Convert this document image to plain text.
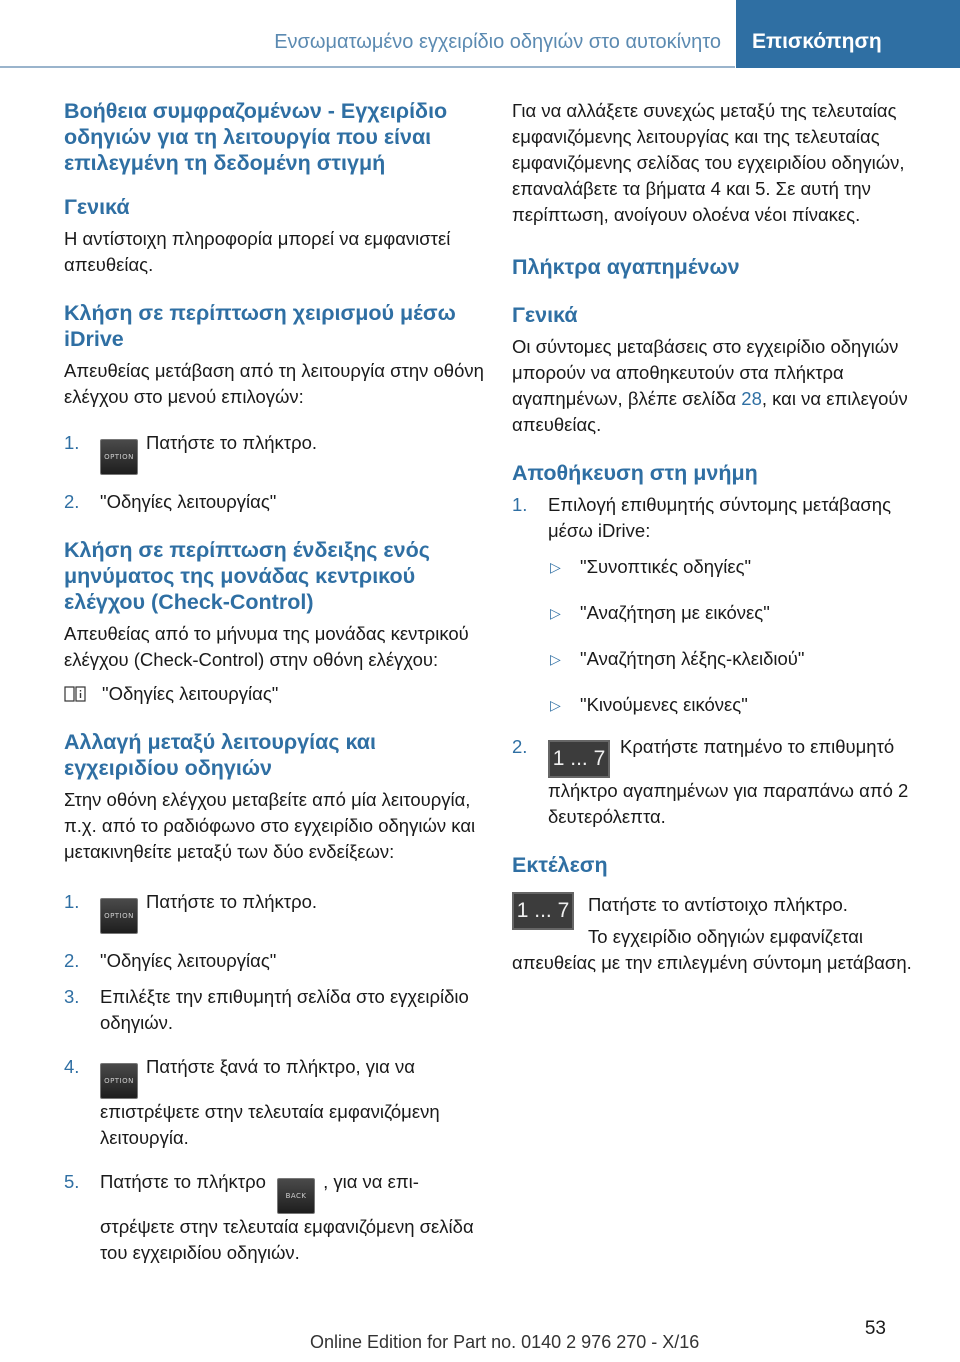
Ενσωματωμένο εγχειρίδιο οδηγιών στο αυτοκίνητο	Επισκόπηση
Βοήθεια συμφραζομένων - Εγχειρίδιο οδηγιών για τη λειτουργία που είναι επιλεγμένη τη δεδομένη στιγμή
Γενικά

Η αντίστοιχη πληροφορία μπορεί να εμφανιστεί απευθείας.

Κλήση σε περίπτωση χειρισμού μέσω iDrive

Απευθείας μετάβαση από τη λειτουργία στην οθόνη ελέγχου στο μενού επιλογών:

1.
OPTIONΠατήστε το πλήκτρο.
2. "Οδηγίες λειτουργίας"
Κλήση σε περίπτωση ένδειξης ενός μηνύματος της μονάδας κεντρικού ελέγχου (Check-Control)

Απευθείας από το μήνυμα της μονάδας κεντρικού ελέγχου (Check-Control) στην οθόνη ελέγχου:

"Οδηγίες λειτουργίας"

Αλλαγή μεταξύ λειτουργίας και εγχειριδίου οδηγιών

Στην οθόνη ελέγχου μεταβείτε από μία λειτουργία, π.χ. από το ραδιόφωνο στο εγχειρίδιο οδηγιών και μετακινηθείτε μεταξύ των δύο ενδείξεων:

1.
OPTIONΠατήστε το πλήκτρο.
2. "Οδηγίες λειτουργίας"
3. Επιλέξτε την επιθυμητή σελίδα στο εγχειρίδιο οδηγιών.
4.
OPTIONΠατήστε ξανά το πλήκτρο, για να επιστρέψετε στην τελευταία εμφανιζόμενη λειτουργία.
5. Πατήστε το πλήκτρο BACK, για να επιστρέψετε στην τελευταία εμφανιζόμενη σελίδα του εγχειριδίου οδηγιών.

Για να αλλάξετε συνεχώς μεταξύ της τελευταίας εμφανιζόμενης λειτουργίας και της τελευταίας εμφανιζόμενης σελίδας του εγχειριδίου οδηγιών, επαναλάβετε τα βήματα 4 και 5. Σε αυτή την περίπτωση, ανοίγουν ολοένα νέοι πίνακες.

Πλήκτρα αγαπημένων
Γενικά

Οι σύντομες μεταβάσεις στο εγχειρίδιο οδηγιών μπορούν να αποθηκευτούν στα πλήκτρα αγαπημένων, βλέπε σελίδα 28, και να επιλεγούν απευθείας.

Αποθήκευση στη μνήμη
1. Επιλογή επιθυμητής σύντομης μετάβασης μέσω iDrive:
▷ "Συνοπτικές οδηγίες"
▷ "Αναζήτηση με εικόνες"
▷ "Αναζήτηση λέξης-κλειδιού"
▷ "Κινούμενες εικόνες"
2.
1 ... 7Κρατήστε πατημένο το επιθυμητό πλήκτρο αγαπημένων για παραπάνω από 2 δευτερόλεπτα.
Εκτέλεση
1 ... 7	Πατήστε το αντίστοιχο πλήκτρο.

Το εγχειρίδιο οδηγιών εμφανίζεται απευθείας με την επιλεγμένη σύντομη μετάβαση.

53
Online Edition for Part no. 0140 2 976 270 - X/16
